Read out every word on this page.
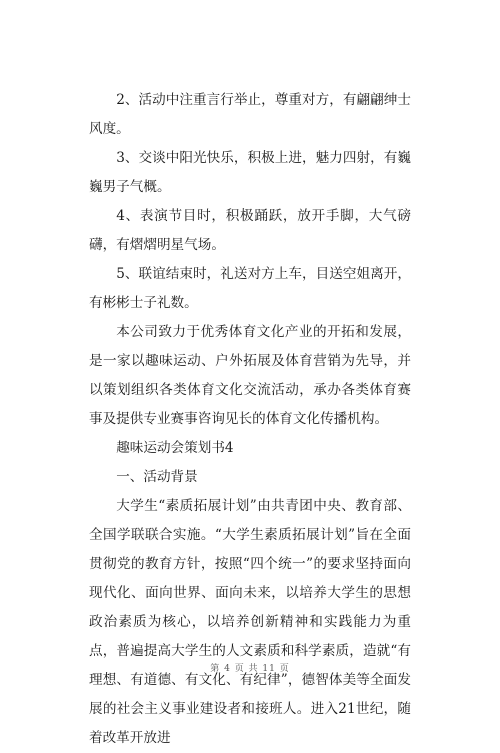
2、活动中注重言行举止，尊重对方，有翩翩绅士风度。

3、交谈中阳光快乐，积极上进，魅力四射，有巍巍男子气概。

4、表演节目时，积极踊跃，放开手脚，大气磅礴，有熠熠明星气场。

5、联谊结束时，礼送对方上车，目送空姐离开，有彬彬士子礼数。

本公司致力于优秀体育文化产业的开拓和发展，是一家以趣味运动、户外拓展及体育营销为先导，并以策划组织各类体育文化交流活动，承办各类体育赛事及提供专业赛事咨询见长的体育文化传播机构。

趣味运动会策划书4

一、活动背景

大学生“素质拓展计划”由共青团中央、教育部、全国学联联合实施。“大学生素质拓展计划”旨在全面贯彻党的教育方针，按照“四个统一”的要求坚持面向现代化、面向世界、面向未来，以培养大学生的思想政治素质为核心，以培养创新精神和实践能力为重点，普遍提高大学生的人文素质和科学素质，造就“有理想、有道德、有文化、有纪律”，德智体美等全面发展的社会主义事业建设者和接班人。进入21世纪，随着改革开放进

第 4 页 共 11 页
